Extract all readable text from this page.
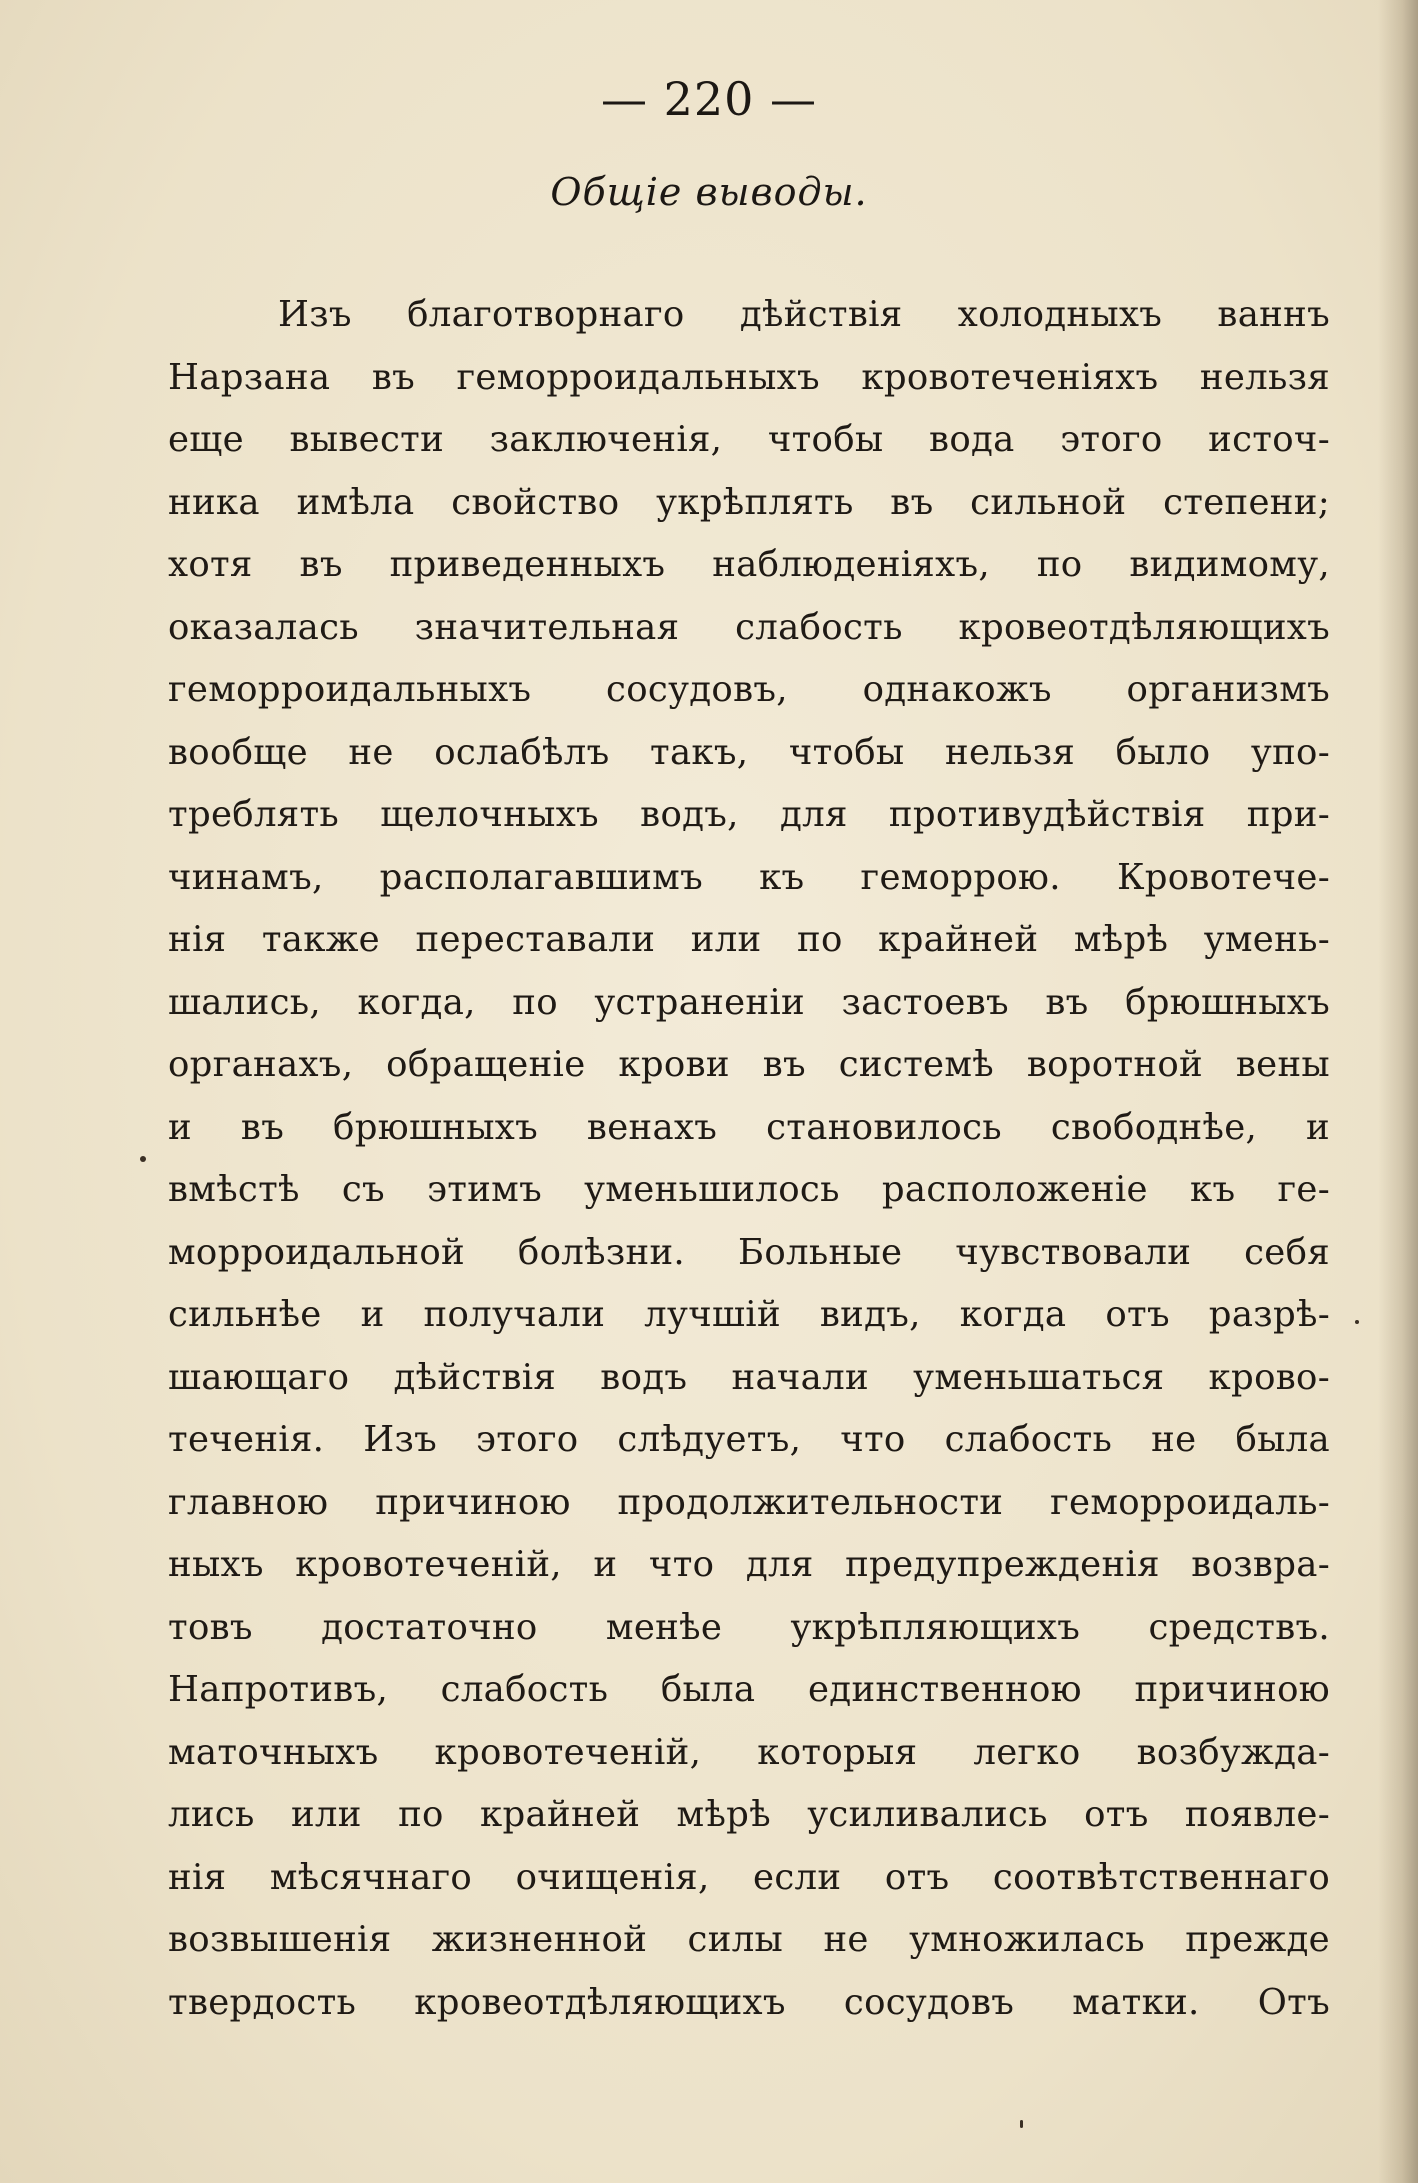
— 220 —
Общіе выводы.
Изъ благотворнаго дѣйствія холодныхъ ваннъ
Нарзана въ геморроидальныхъ кровотеченіяхъ нельзя
еще вывести заключенія, чтобы вода этого источ-
ника имѣла свойство укрѣплять въ сильной степени;
хотя въ приведенныхъ наблюденіяхъ, по видимому,
оказалась значительная слабость кровеотдѣляющихъ
геморроидальныхъ сосудовъ, однакожъ организмъ
вообще не ослабѣлъ такъ, чтобы нельзя было упо-
треблять щелочныхъ водъ, для противудѣйствія при-
чинамъ, располагавшимъ къ геморрою. Кровотече-
нія также переставали или по крайней мѣрѣ умень-
шались, когда, по устраненіи застоевъ въ брюшныхъ
органахъ, обращеніе крови въ системѣ воротной вены
и въ брюшныхъ венахъ становилось свободнѣе, и
вмѣстѣ съ этимъ уменьшилось расположеніе къ ге-
морроидальной болѣзни. Больные чувствовали себя
сильнѣе и получали лучшій видъ, когда отъ разрѣ-
шающаго дѣйствія водъ начали уменьшаться крово-
теченія. Изъ этого слѣдуетъ, что слабость не была
главною причиною продолжительности геморроидаль-
ныхъ кровотеченій, и что для предупрежденія возвра-
товъ достаточно менѣе укрѣпляющихъ средствъ.
Напротивъ, слабость была единственною причиною
маточныхъ кровотеченій, которыя легко возбужда-
лись или по крайней мѣрѣ усиливались отъ появле-
нія мѣсячнаго очищенія, если отъ соотвѣтственнаго
возвышенія жизненной силы не умножилась прежде
твердость кровеотдѣляющихъ сосудовъ матки. Отъ
